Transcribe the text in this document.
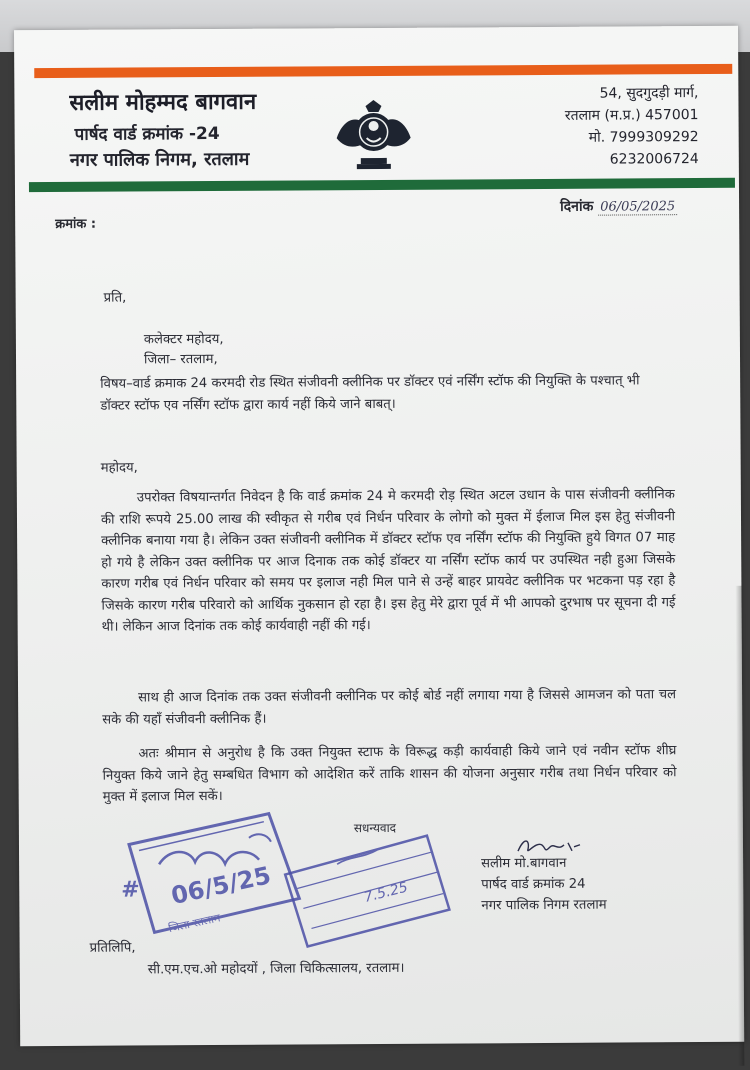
सलीम मोहम्मद बागवान
पार्षद वार्ड क्रमांक -24
नगर पालिक निगम, रतलाम
54, सुदगुदड़ी मार्ग,
रतलाम (म.प्र.) 457001
मो. 7999309292
6232006724
क्रमांक :
दिनांक 06/05/2025
प्रति,
कलेक्टर महोदय,
जिला– रतलाम,
विषय–वार्ड क्रमाक 24 करमदी रोड स्थित संजीवनी क्लीनिक पर डॉक्टर एवं नर्सिंग स्टॉफ की नियुक्ति के पश्चात् भी डॉक्टर स्टॉफ एव नर्सिंग स्टॉफ द्वारा कार्य नहीं किये जाने बाबत्।
महोदय,

उपरोक्त विषयान्तर्गत निवेदन है कि वार्ड क्रमांक 24 मे करमदी रोड़ स्थित अटल उधान के पास संजीवनी क्लीनिक की राशि रूपये 25.00 लाख की स्वीकृत से गरीब एवं निर्धन परिवार के लोगो को मुक्त में ईलाज मिल इस हेतु संजीवनी क्लीनिक बनाया गया है। लेकिन उक्त संजीवनी क्लीनिक में डॉक्टर स्टॉफ एव नर्सिंग स्टॉफ की नियुक्ति हुये विगत 07 माह हो गये है लेकिन उक्त क्लीनिक पर आज दिनाक तक कोई डॉक्टर या नर्सिंग स्टॉफ कार्य पर उपस्थित नही हुआ जिसके कारण गरीब एवं निर्धन परिवार को समय पर इलाज नही मिल पाने से उन्हें बाहर प्रायवेट क्लीनिक पर भटकना पड़ रहा है जिसके कारण गरीब परिवारो को आर्थिक नुकसान हो रहा है। इस हेतु मेरे द्वारा पूर्व में भी आपको दुरभाष पर सूचना दी गई थी। लेकिन आज दिनांक तक कोई कार्यवाही नहीं की गई।

साथ ही आज दिनांक तक उक्त संजीवनी क्लीनिक पर कोई बोर्ड नहीं लगाया गया है जिससे आमजन को पता चल सके की यहाँ संजीवनी क्लीनिक हैं।

अतः श्रीमान से अनुरोध है कि उक्त नियुक्त स्टाफ के विरूद्ध कड़ी कार्यवाही किये जाने एवं नवीन स्टॉफ शीघ्र नियुक्त किये जाने हेतु सम्बधित विभाग को आदेशित करें ताकि शासन की योजना अनुसार गरीब तथा निर्धन परिवार को मुक्त में इलाज मिल सकें।

सधन्यवाद
सलीम मो.बागवान
पार्षद वार्ड क्रमांक 24
नगर पालिक निगम रतलाम
06/5/25
जिला रतलाम
#	7.5.25
प्रतिलिपि,
सी.एम.एच.ओ महोदयों , जिला चिकित्सालय, रतलाम।
